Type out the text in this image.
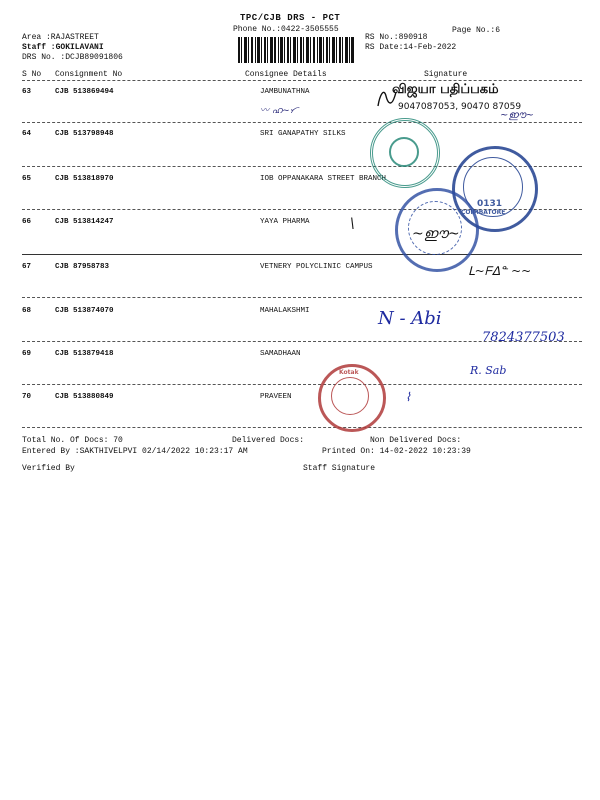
TPC/CJB DRS - PCT
Phone No.:0422-3505555
Area :RAJASTREET
Staff :GOKILAVANI
DRS No. :DCJB89091806
RS No.:890918
Page No.:6
RS Date:14-Feb-2022
S No Consignment No	Consignee Details	Signature
63	CJB 513869494	JAMBUNATHNA
64	CJB 513798948	SRI GANAPATHY SILKS
65	CJB 513818970	IOB OPPANAKARA STREET BRANCH
66	CJB 513814247	YAYA PHARMA
67	CJB 87958783	VETNERY POLYCLINIC CAMPUS
68	CJB 513874070	MAHALAKSHMI
69	CJB 513879418	SAMADHAAN
70	CJB 513880849	PRAVEEN
Total No. Of Docs: 70	Delivered Docs:	Non Delivered Docs:
Entered By :SAKTHIVELPVI 02/14/2022 10:23:17 AM	Printed On: 14-02-2022 10:23:39
Verified By	Staff Signature
விஜயா பதிப்பகம்
9047087053, 90470 87059
〰 ഹ~ᜆ	~ഈ~
0131
COIMBATORE
\
~ഈ~
ᒪ~ᖴᐃᓐ ~~
N - Abi
7824377503
R. Sab
Kotak
⌇
